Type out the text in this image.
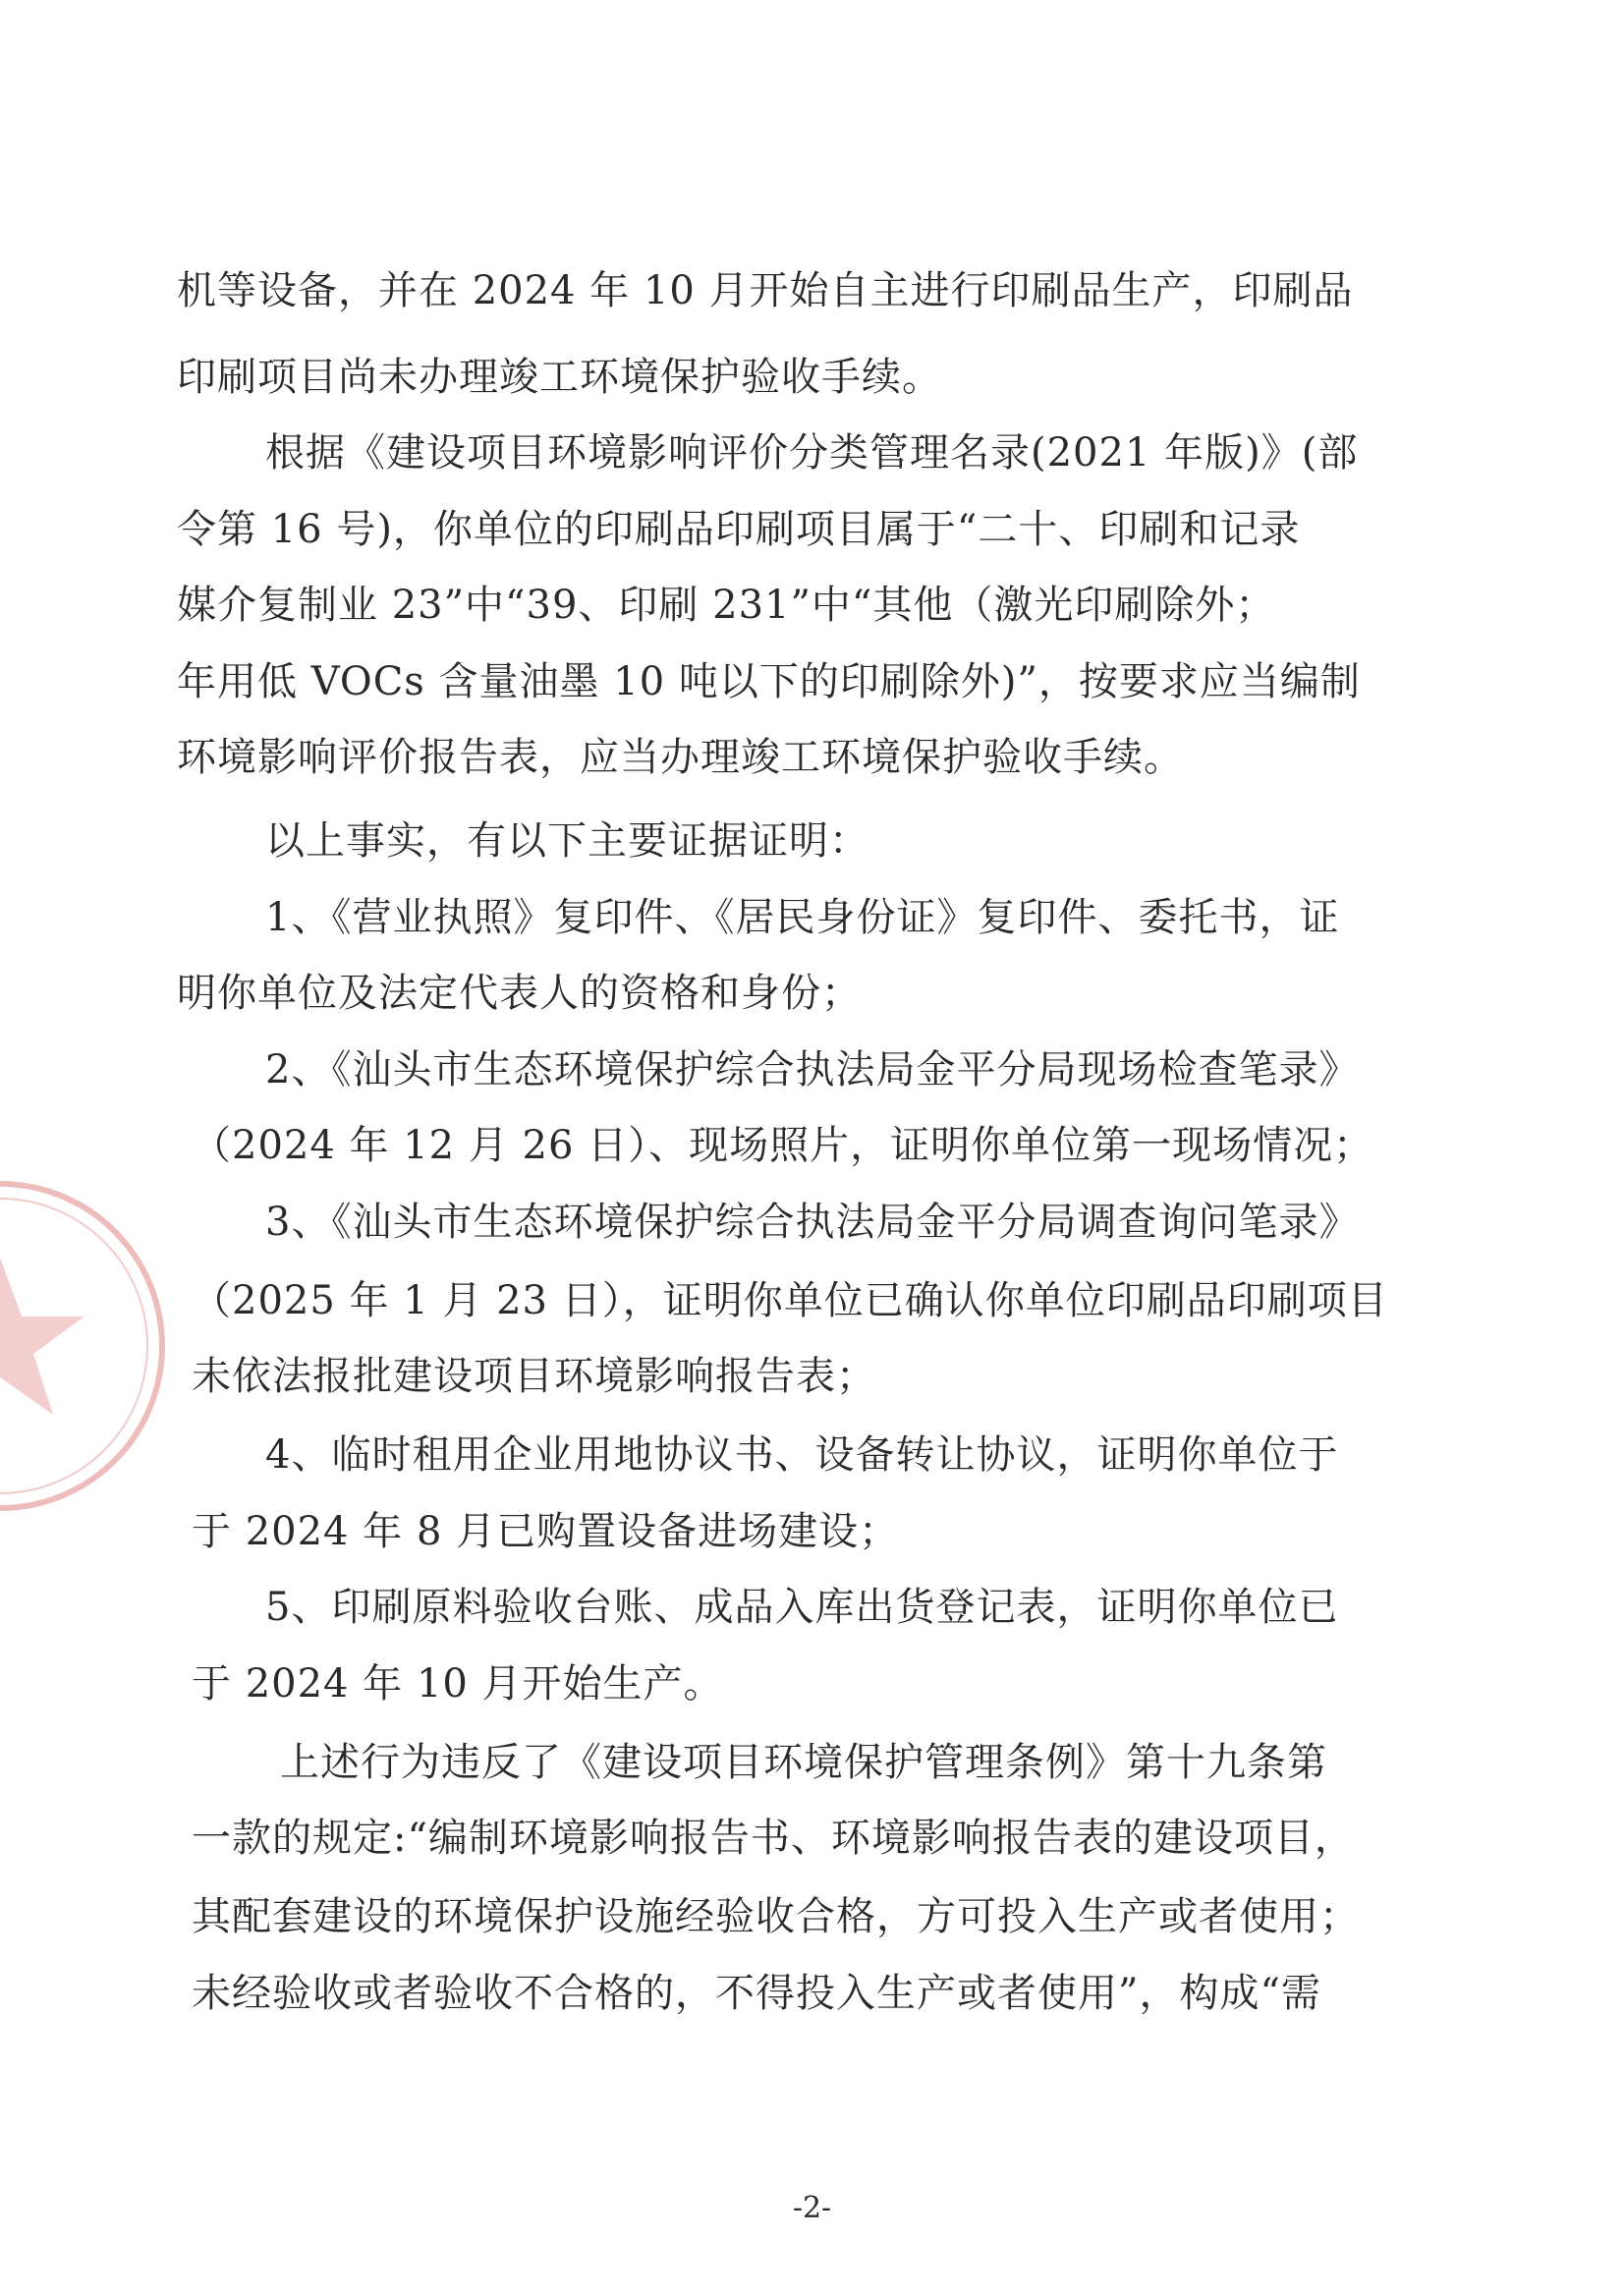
机等设备，并在 2024 年 10 月开始自主进行印刷品生产，印刷品
印刷项目尚未办理竣工环境保护验收手续。
根据《建设项目环境影响评价分类管理名录(2021 年版)》(部
令第 16 号)，你单位的印刷品印刷项目属于“二十、印刷和记录
媒介复制业 23”中“39、印刷 231”中“其他（激光印刷除外；
年用低 VOCs 含量油墨 10 吨以下的印刷除外)”，按要求应当编制
环境影响评价报告表，应当办理竣工环境保护验收手续。
以上事实，有以下主要证据证明：
1、《营业执照》复印件、《居民身份证》复印件、委托书，证
明你单位及法定代表人的资格和身份；
2、《汕头市生态环境保护综合执法局金平分局现场检查笔录》
（2024 年 12 月 26 日）、现场照片，证明你单位第一现场情况；
3、《汕头市生态环境保护综合执法局金平分局调查询问笔录》
（2025 年 1 月 23 日），证明你单位已确认你单位印刷品印刷项目
未依法报批建设项目环境影响报告表；
4、临时租用企业用地协议书、设备转让协议，证明你单位于
于 2024 年 8 月已购置设备进场建设；
5、印刷原料验收台账、成品入库出货登记表，证明你单位已
于 2024 年 10 月开始生产。
上述行为违反了《建设项目环境保护管理条例》第十九条第
一款的规定:“编制环境影响报告书、环境影响报告表的建设项目，
其配套建设的环境保护设施经验收合格，方可投入生产或者使用；
未经验收或者验收不合格的，不得投入生产或者使用”，构成“需
-2-
